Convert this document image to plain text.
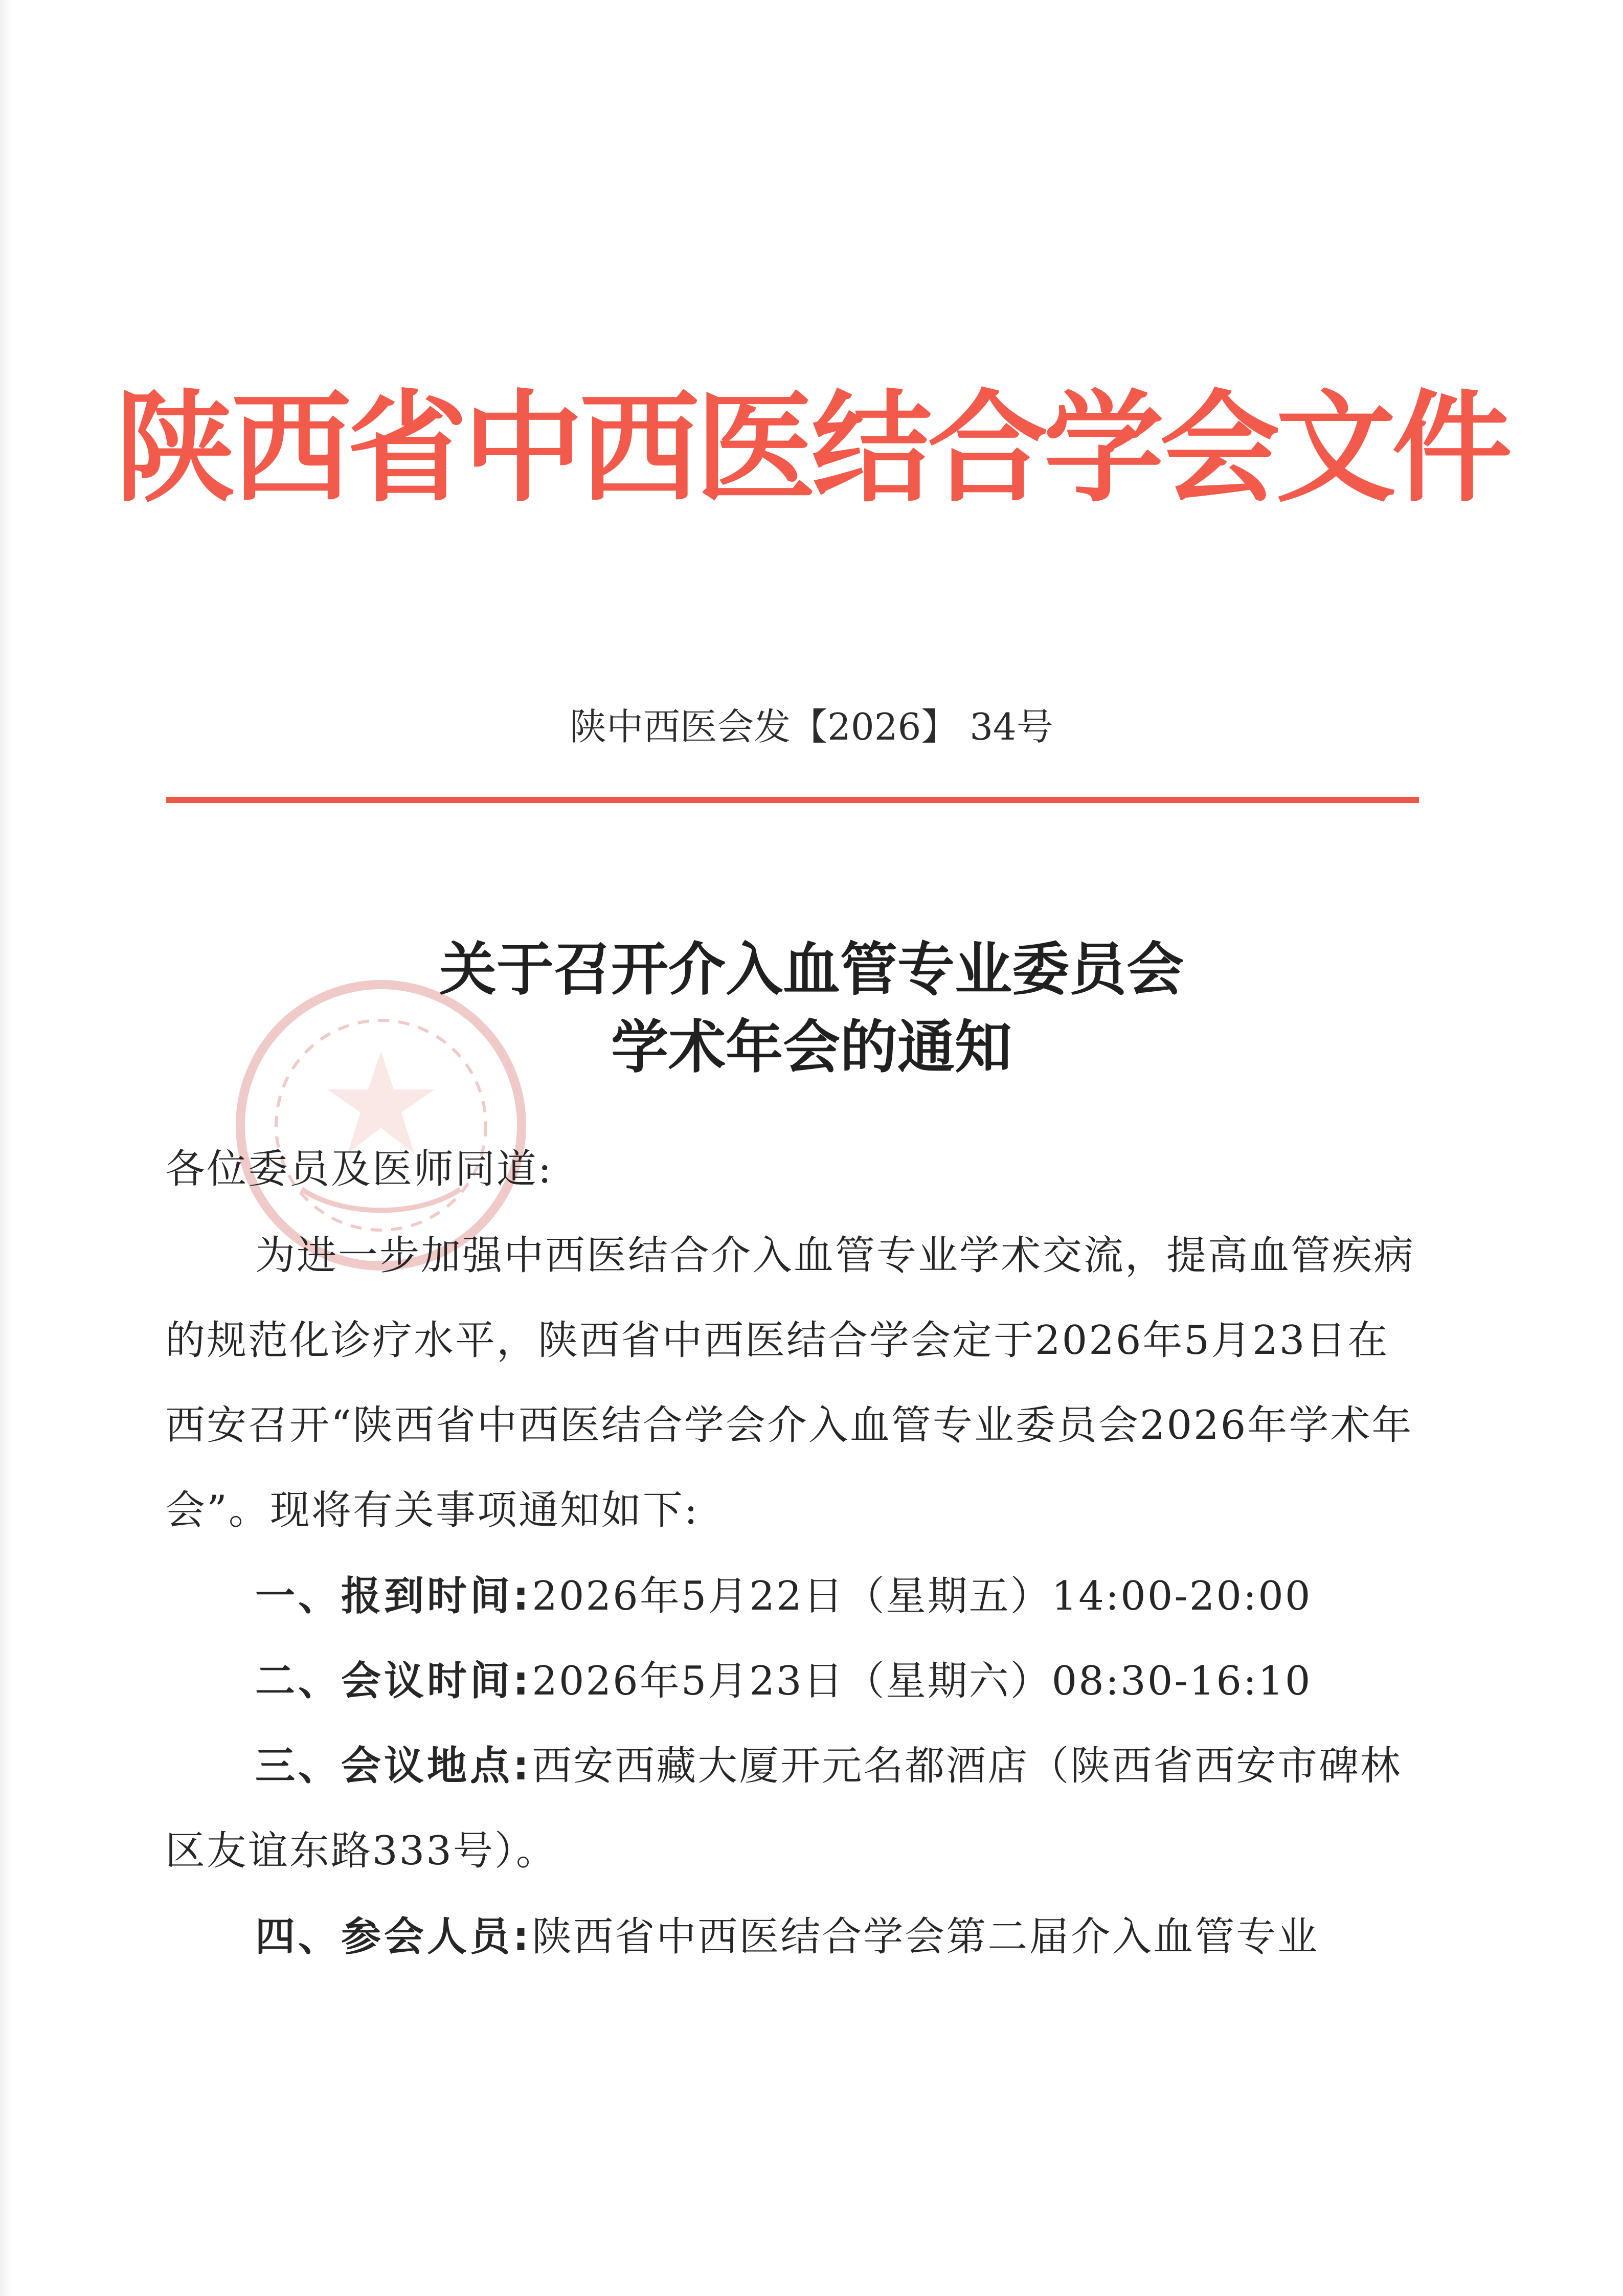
陕西省中西医结合学会文件
陕中西医会发【2026】 34号
关于召开介入血管专业委员会
学术年会的通知
各位委员及医师同道:
为进一步加强中西医结合介入血管专业学术交流，提高血管疾病的规范化诊疗水平，陕西省中西医结合学会定于2026年5月23日在西安召开“陕西省中西医结合学会介入血管专业委员会2026年学术年会”。现将有关事项通知如下:
一、报到时间:2026年5月22日（星期五）14:00-20:00
二、会议时间:2026年5月23日（星期六）08:30-16:10
三、会议地点:西安西藏大厦开元名都酒店（陕西省西安市碑林区友谊东路333号）。
四、参会人员:陕西省中西医结合学会第二届介入血管专业
